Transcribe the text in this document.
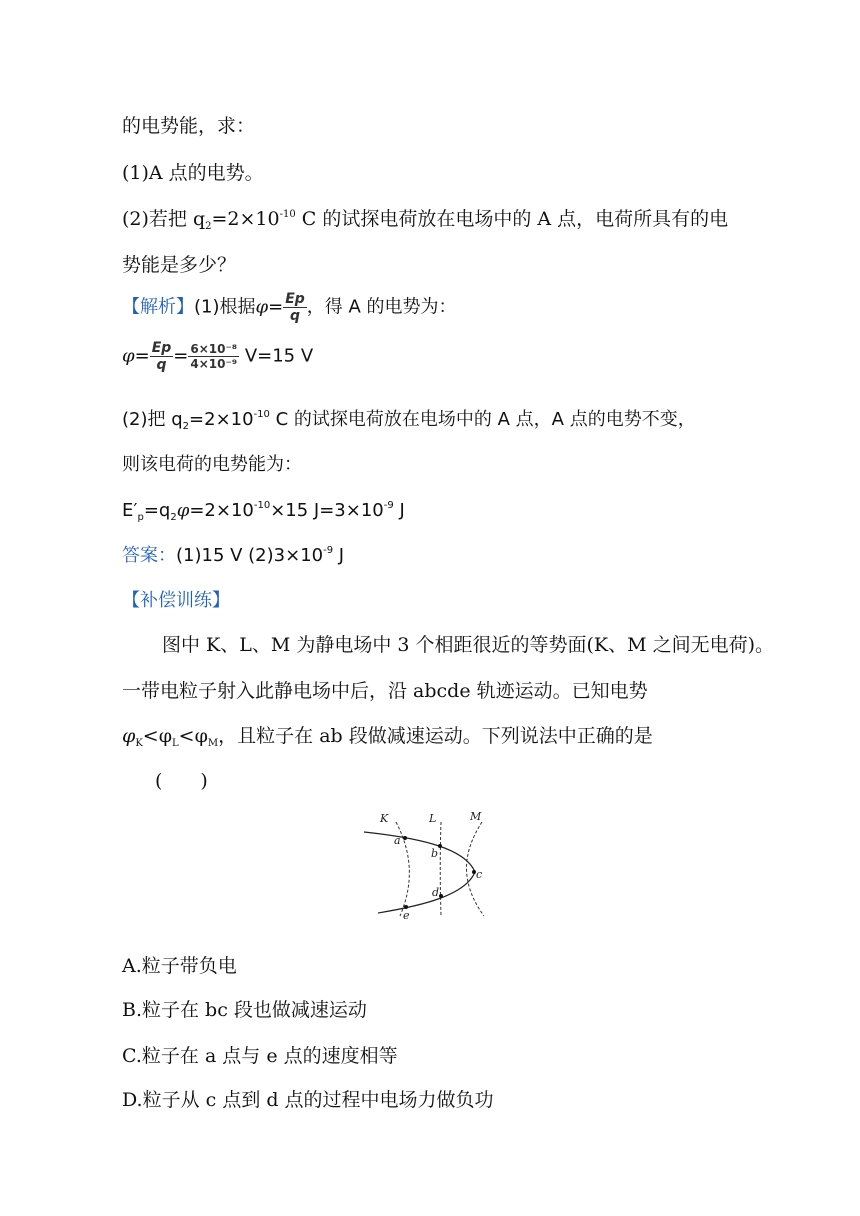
的电势能，求：
(1)A 点的电势。
(2)若把 $q_2=2\times 10^{-10}$ C 的试探电荷放在电场中的 A 点，电荷所具有的电
势能是多少？
【解析】(1)根据$\varphi= \frac{Ep}{q}$ ，得 A 的电势为：
$\varphi= \frac{Ep}{q} = \frac{\text{6×10⁻⁸}}{\text{4×10⁻⁹}} V=15$ V
(2)把 $q_2=2\times 10^{-10}$ C 的试探电荷放在电场中的 A 点，A 点的电势不变，
则该电荷的电势能为：
$E'_p=q_2\varphi=2\times 10^{-10}\times 15$ $J=3\times 10^{-9}$ J
答案：(1)15 V $(2)3\times 10^{-9}$ J
【补偿训练】
图中 K、L、M 为静电场中 3 个相距很近的等势面(K、M 之间无电荷)。
一带电粒子射入此静电场中后，沿 abcde 轨迹运动。已知电势
$\varphi_K<\varphi_L<\varphi_M$，且粒子在 ab 段做减速运动。下列说法中正确的是
(　　)
K	L	M
a
b
c
d
e
A.粒子带负电
B.粒子在 bc 段也做减速运动
C.粒子在 a 点与 e 点的速度相等
D.粒子从 c 点到 d 点的过程中电场力做负功
